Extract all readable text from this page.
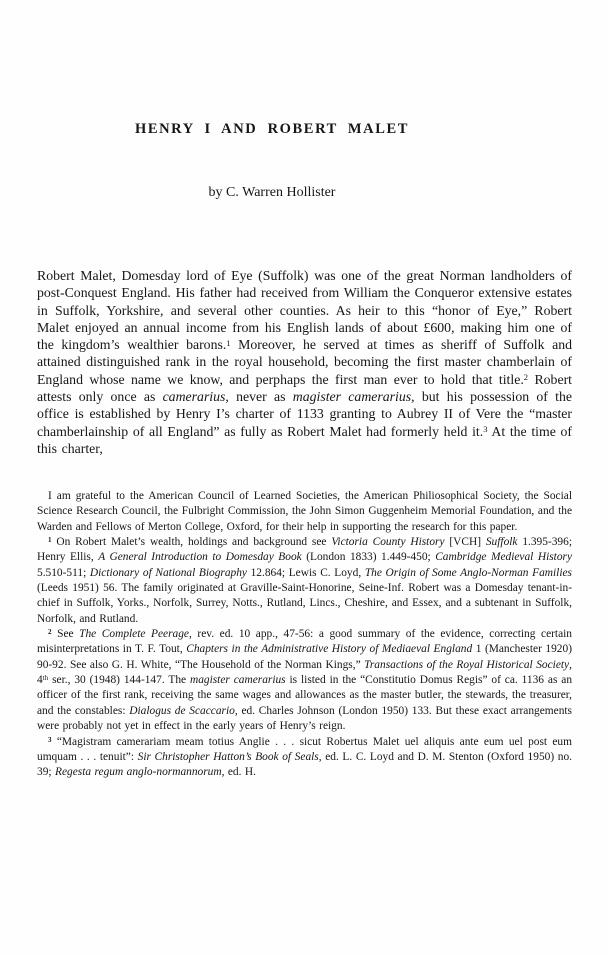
HENRY I AND ROBERT MALET
by C. Warren Hollister

Robert Malet, Domesday lord of Eye (Suffolk) was one of the great Norman landholders of post-Conquest England. His father had received from William the Conqueror extensive estates in Suffolk, Yorkshire, and several other counties. As heir to this “honor of Eye,” Robert Malet enjoyed an annual income from his English lands of about £600, making him one of the kingdom’s wealthier barons.$^1$ Moreover, he served at times as sheriff of Suffolk and attained distinguished rank in the royal household, becoming the first master chamberlain of England whose name we know, and perphaps the first man ever to hold that title.$^2$ Robert attests only once as camerarius, never as magister camerarius, but his possession of the office is established by Henry I’s charter of 1133 granting to Aubrey II of Vere the “master chamberlainship of all England” as fully as Robert Malet had formerly held it.$^3$ At the time of this charter,

I am grateful to the American Council of Learned Societies, the American Philiosophical Society, the Social Science Research Council, the Fulbright Commission, the John Simon Guggenheim Memorial Foundation, and the Warden and Fellows of Merton College, Oxford, for their help in supporting the research for this paper.

$^1$ On Robert Malet’s wealth, holdings and background see Victoria County History [VCH] Suffolk 1.395-396; Henry Ellis, A General Introduction to Domesday Book (London 1833) 1.449-450; Cambridge Medieval History 5.510-511; Dictionary of National Biography 12.864; Lewis C. Loyd, The Origin of Some Anglo-Norman Families (Leeds 1951) 56. The family originated at Graville-Saint-Honorine, Seine-Inf. Robert was a Domesday tenant-in-chief in Suffolk, Yorks., Norfolk, Surrey, Notts., Rutland, Lincs., Cheshire, and Essex, and a subtenant in Suffolk, Norfolk, and Rutland.

$^2$ See The Complete Peerage, rev. ed. 10 app., 47-56: a good summary of the evidence, correcting certain misinterpretations in T. F. Tout, Chapters in the Administrative History of Mediaeval England 1 (Manchester 1920) 90-92. See also G. H. White, “The Household of the Norman Kings,” Transactions of the Royal Historical Society, 4th ser., 30 (1948) 144-147. The magister camerarius is listed in the “Constitutio Domus Regis” of ca. 1136 as an officer of the first rank, receiving the same wages and allowances as the master butler, the stewards, the treasurer, and the constables: Dialogus de Scaccario, ed. Charles Johnson (London 1950) 133. But these exact arrangements were probably not yet in effect in the early years of Henry’s reign.

$^3$ “Magistram camerariam meam totius Anglie . . . sicut Robertus Malet uel aliquis ante eum uel post eum umquam . . . tenuit”: Sir Christopher Hatton’s Book of Seals, ed. L. C. Loyd and D. M. Stenton (Oxford 1950) no. 39; Regesta regum anglo-normannorum, ed. H.
